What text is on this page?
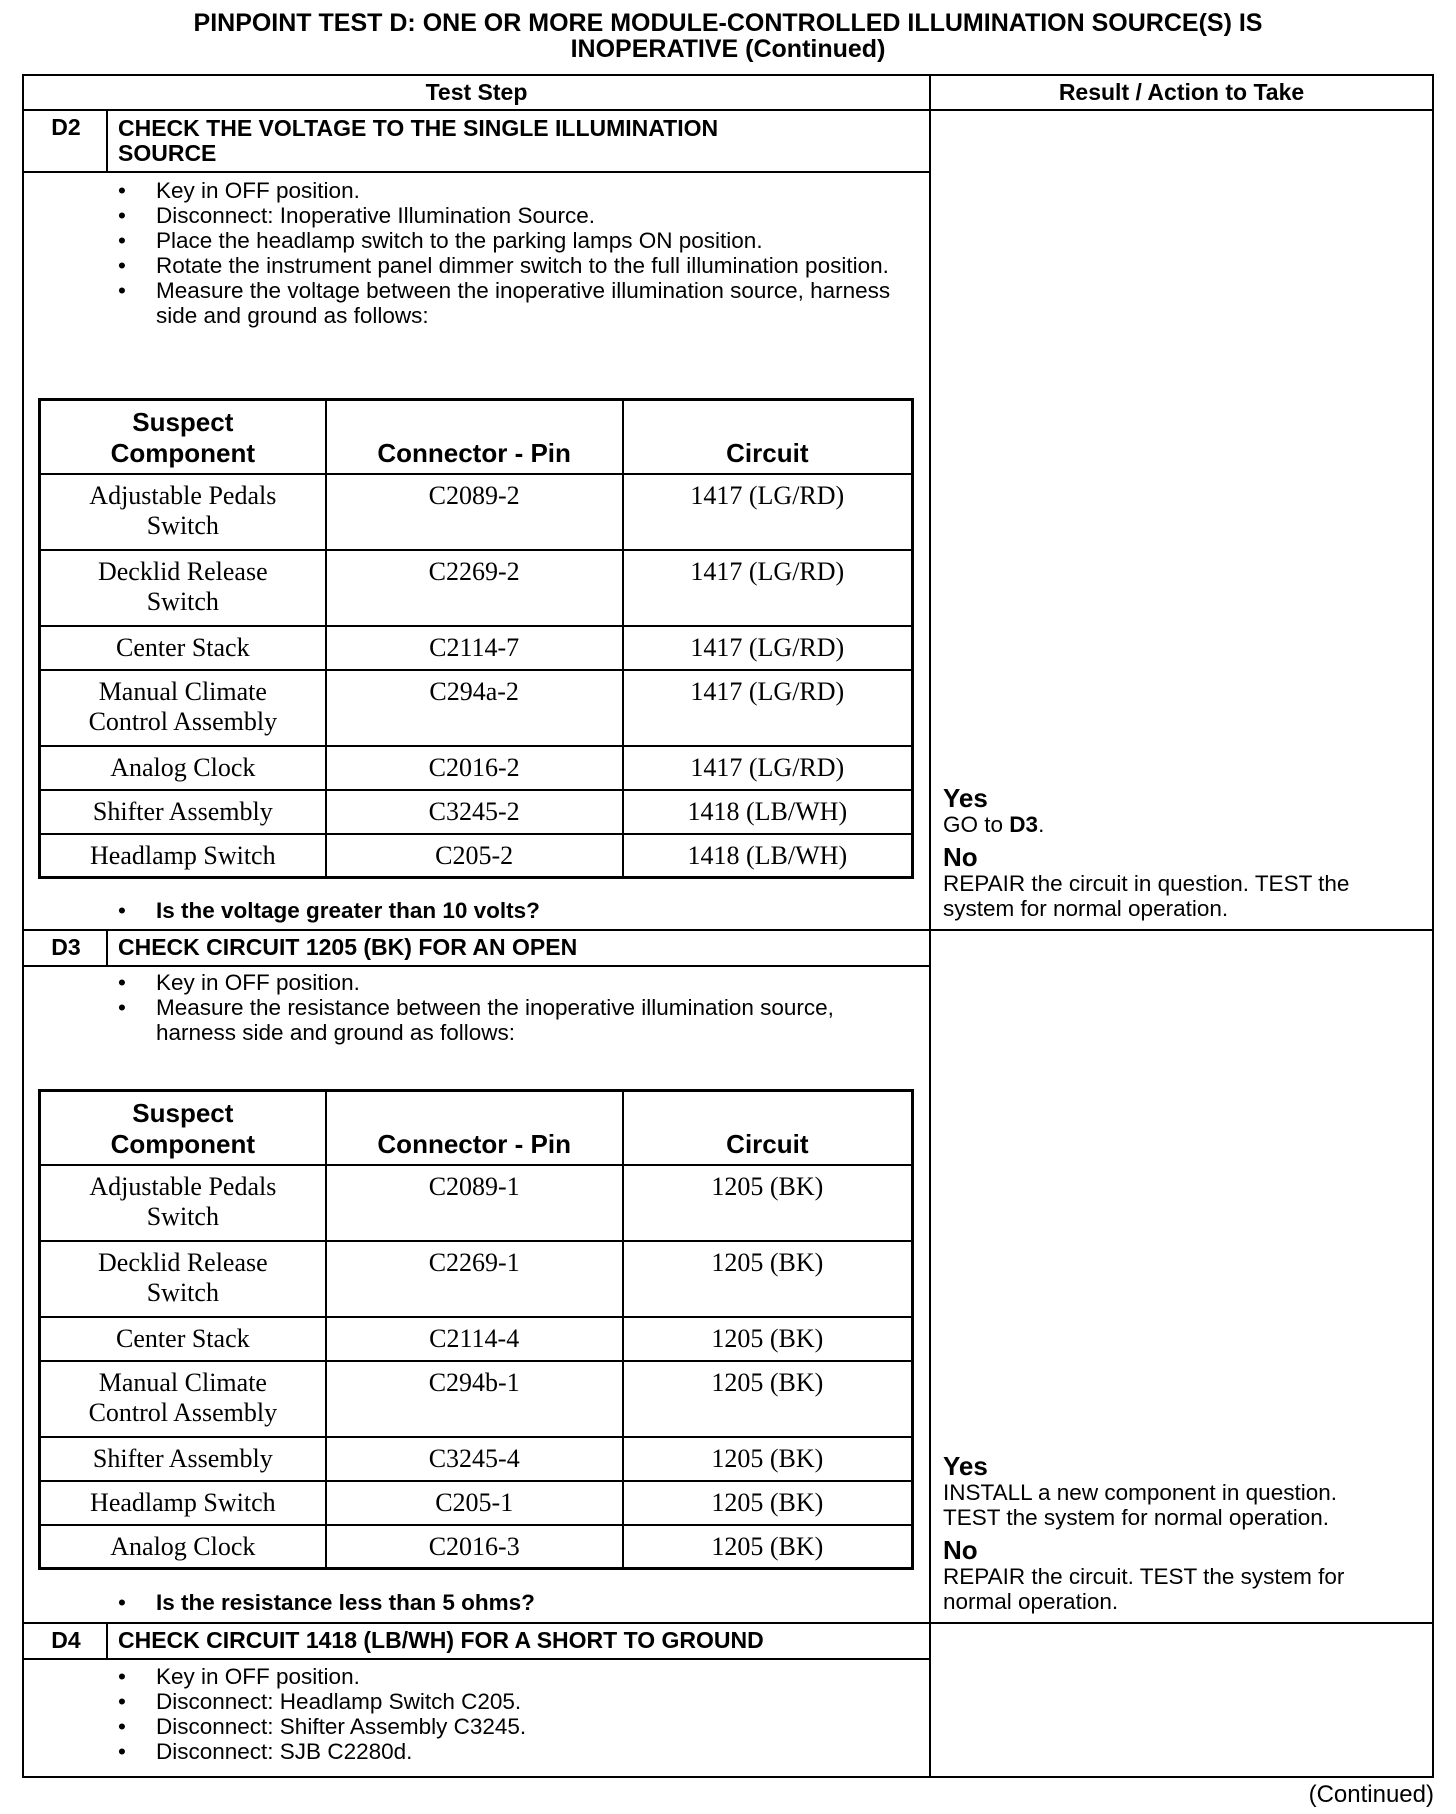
PINPOINT TEST D: ONE OR MORE MODULE-CONTROLLED ILLUMINATION SOURCE(S) IS
INOPERATIVE (Continued)
Test Step	Result / Action to Take
D2	CHECK THE VOLTAGE TO THE SINGLE ILLUMINATION
SOURCE
• Key in OFF position.
• Disconnect: Inoperative Illumination Source.
• Place the headlamp switch to the parking lamps ON position.
• Rotate the instrument panel dimmer switch to the full illumination position.
• Measure the voltage between the inoperative illumination source, harness side and ground as follows:
Suspect
Component	Connector - Pin	Circuit

Adjustable Pedals
Switch	C2089-2	1417 (LG/RD)

Decklid Release
Switch	C2269-2	1417 (LG/RD)
Center Stack	C2114-7	1417 (LG/RD)

Manual Climate
Control Assembly	C294a-2	1417 (LG/RD)
Analog Clock	C2016-2	1417 (LG/RD)
Shifter Assembly	C3245-2	1418 (LB/WH)
Headlamp Switch	C205-2	1418 (LB/WH)
• Is the voltage greater than 10 volts?
Yes
GO to D3.
No
REPAIR the circuit in question. TEST the
system for normal operation.
D3	CHECK CIRCUIT 1205 (BK) FOR AN OPEN
• Key in OFF position.
• Measure the resistance between the inoperative illumination source, harness side and ground as follows:
Suspect
Component	Connector - Pin	Circuit

Adjustable Pedals
Switch	C2089-1	1205 (BK)

Decklid Release
Switch	C2269-1	1205 (BK)
Center Stack	C2114-4	1205 (BK)

Manual Climate
Control Assembly	C294b-1	1205 (BK)
Shifter Assembly	C3245-4	1205 (BK)
Headlamp Switch	C205-1	1205 (BK)
Analog Clock	C2016-3	1205 (BK)
• Is the resistance less than 5 ohms?
Yes
INSTALL a new component in question.
TEST the system for normal operation.
No
REPAIR the circuit. TEST the system for
normal operation.
D4	CHECK CIRCUIT 1418 (LB/WH) FOR A SHORT TO GROUND
• Key in OFF position.
• Disconnect: Headlamp Switch C205.
• Disconnect: Shifter Assembly C3245.
• Disconnect: SJB C2280d.
(Continued)
